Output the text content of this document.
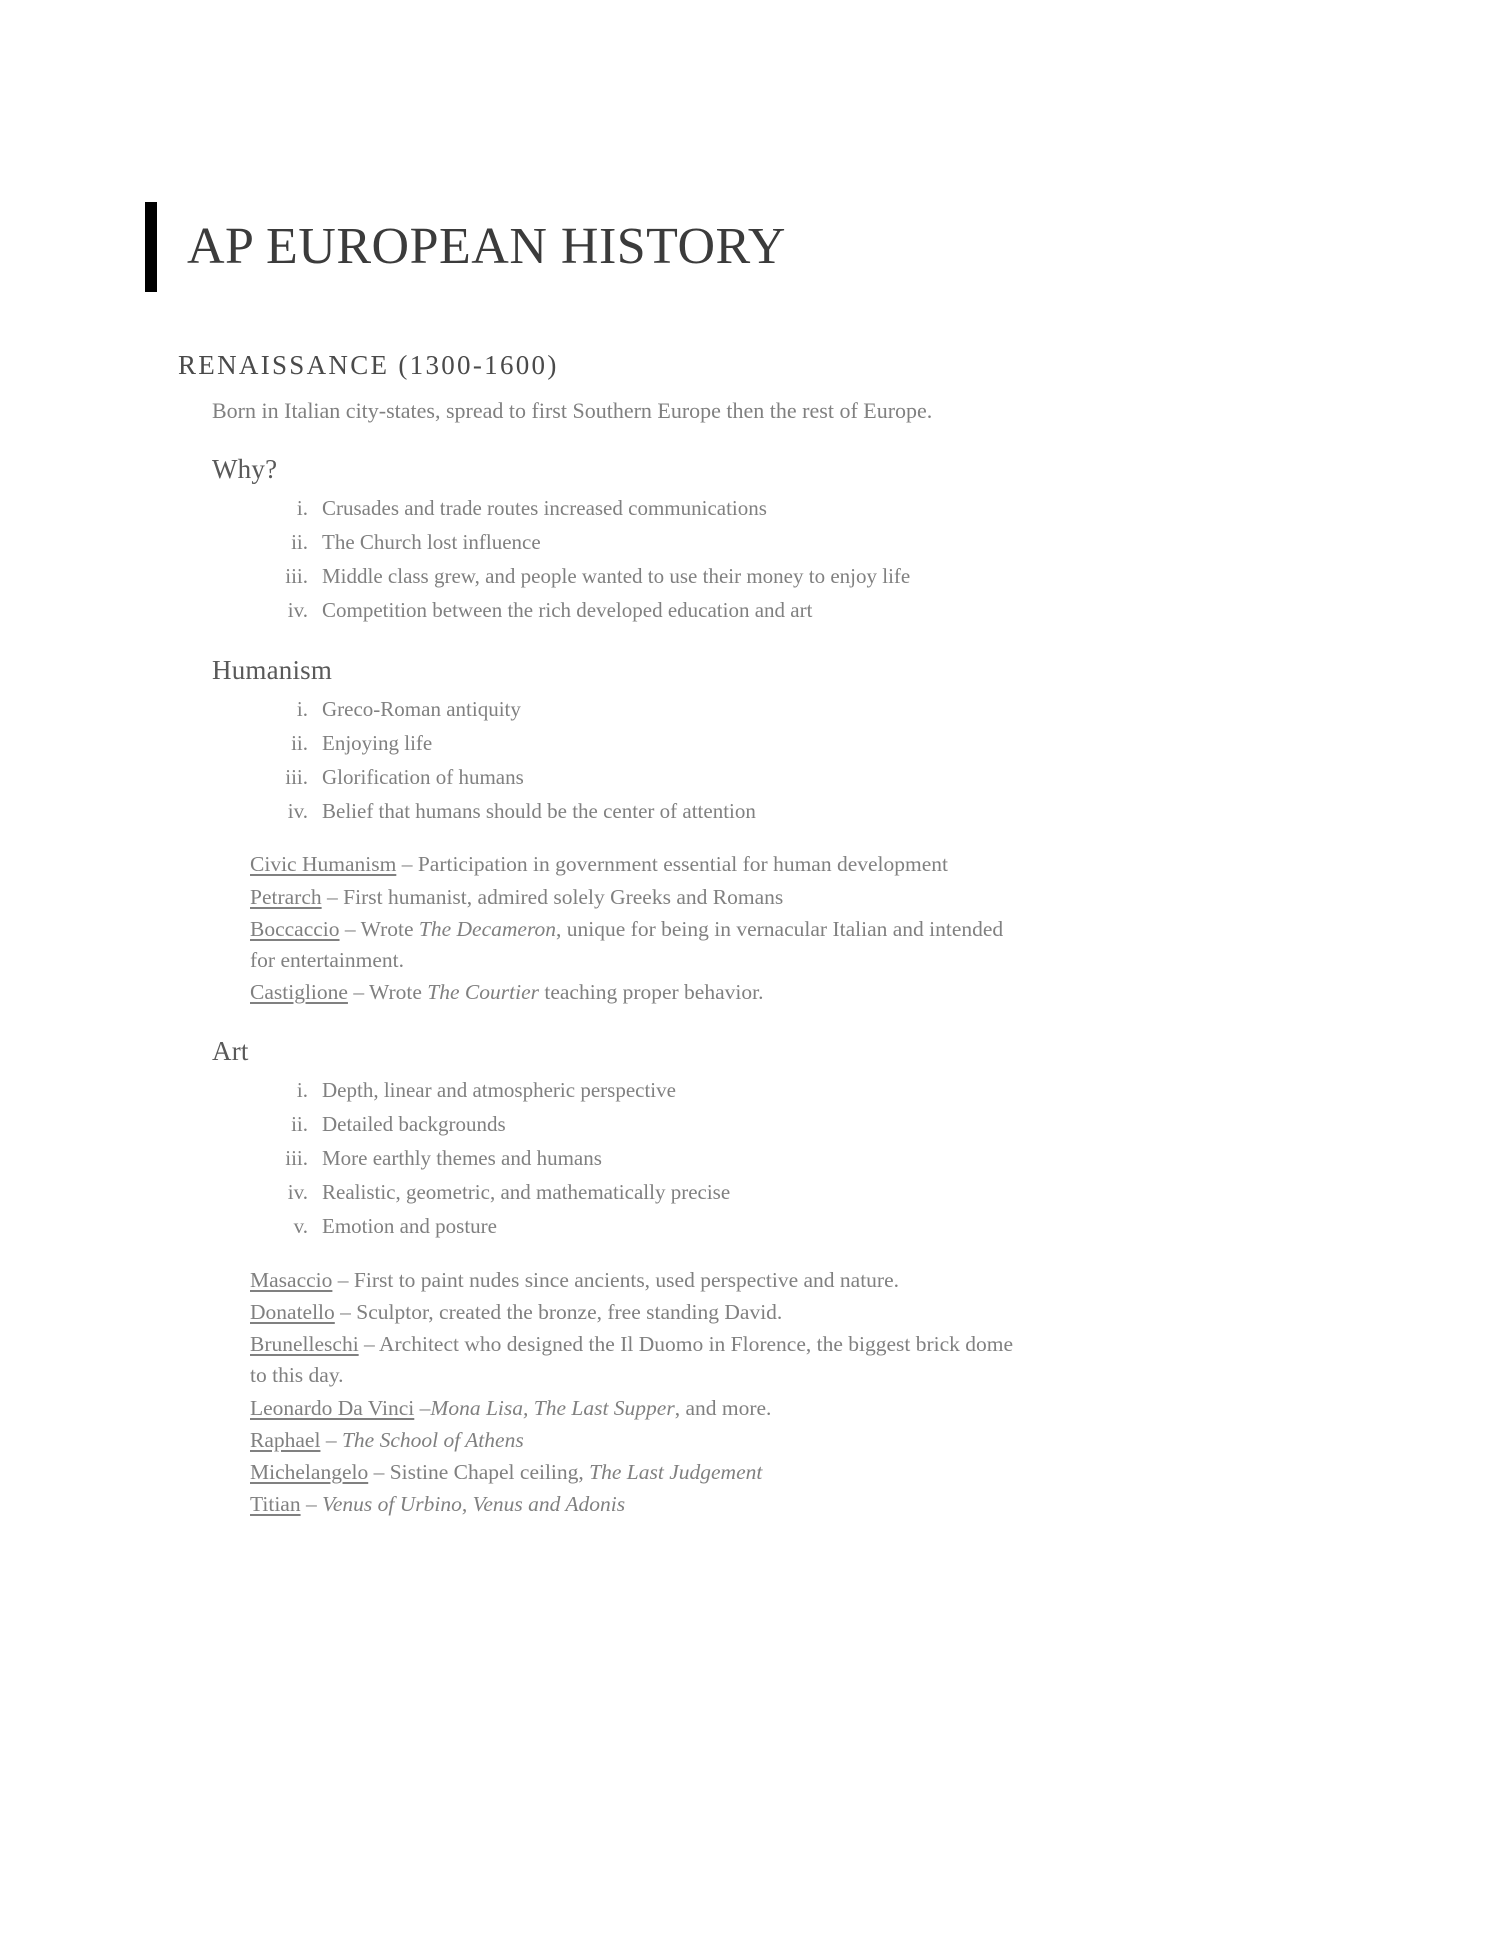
AP EUROPEAN HISTORY
RENAISSANCE (1300-1600)

Born in Italian city-states, spread to first Southern Europe then the rest of Europe.

Why?
i. Crusades and trade routes increased communications
ii. The Church lost influence
iii. Middle class grew, and people wanted to use their money to enjoy life
iv. Competition between the rich developed education and art
Humanism
i. Greco-Roman antiquity
ii. Enjoying life
iii. Glorification of humans
iv. Belief that humans should be the center of attention
Civic Humanism – Participation in government essential for human development
Petrarch – First humanist, admired solely Greeks and Romans
Boccaccio – Wrote The Decameron, unique for being in vernacular Italian and intended for entertainment.
Castiglione – Wrote The Courtier teaching proper behavior.
Art
i. Depth, linear and atmospheric perspective
ii. Detailed backgrounds
iii. More earthly themes and humans
iv. Realistic, geometric, and mathematically precise
v. Emotion and posture
Masaccio – First to paint nudes since ancients, used perspective and nature.
Donatello – Sculptor, created the bronze, free standing David.
Brunelleschi – Architect who designed the Il Duomo in Florence, the biggest brick dome to this day.
Leonardo Da Vinci –Mona Lisa, The Last Supper, and more.
Raphael – The School of Athens
Michelangelo – Sistine Chapel ceiling, The Last Judgement
Titian – Venus of Urbino, Venus and Adonis
